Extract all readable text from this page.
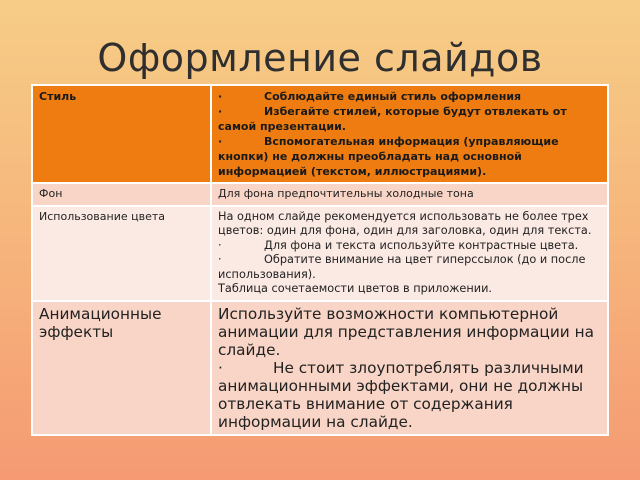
Оформление слайдов
Стиль	· Соблюдайте единый стиль оформления
· Избегайте стилей, которые будут отвлекать от самой презентации.
· Вспомогательная информация (управляющие кнопки) не должны преобладать над основной информацией (текстом, иллюстрациями).

Фон	Для фона предпочтительны холодные тона
Использование цвета	На одном слайде рекомендуется использовать не более трех цветов: один для фона, один для заголовка, один для текста.
· Для фона и текста используйте контрастные цвета.
· Обратите внимание на цвет гиперссылок (до и после использования).
Таблица сочетаемости цветов в приложении.

Анимационные эффекты	Используйте возможности компьютерной анимации для представления информации на слайде.
· Не стоит злоупотреблять различными анимационными эффектами, они не должны отвлекать внимание от содержания информации на слайде.
